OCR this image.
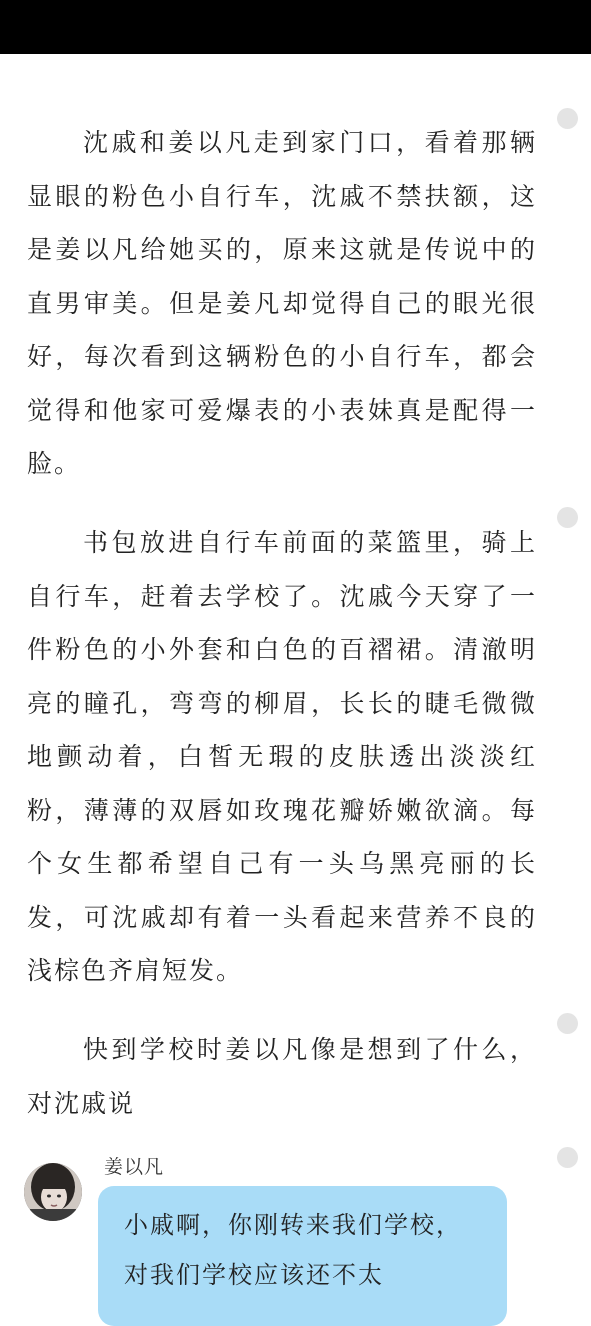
沈戚和姜以凡走到家门口，看着那辆显眼的粉色小自行车，沈戚不禁扶额，这是姜以凡给她买的，原来这就是传说中的直男审美。但是姜凡却觉得自己的眼光很好，每次看到这辆粉色的小自行车，都会觉得和他家可爱爆表的小表妹真是配得一脸。

书包放进自行车前面的菜篮里，骑上自行车，赶着去学校了。沈戚今天穿了一件粉色的小外套和白色的百褶裙。清澈明亮的瞳孔，弯弯的柳眉，长长的睫毛微微地颤动着，白皙无瑕的皮肤透出淡淡红粉，薄薄的双唇如玫瑰花瓣娇嫩欲滴。每个女生都希望自己有一头乌黑亮丽的长发，可沈戚却有着一头看起来营养不良的浅棕色齐肩短发。

快到学校时姜以凡像是想到了什么，对沈戚说

姜以凡

小戚啊，你刚转来我们学校，对我们学校应该还不太
